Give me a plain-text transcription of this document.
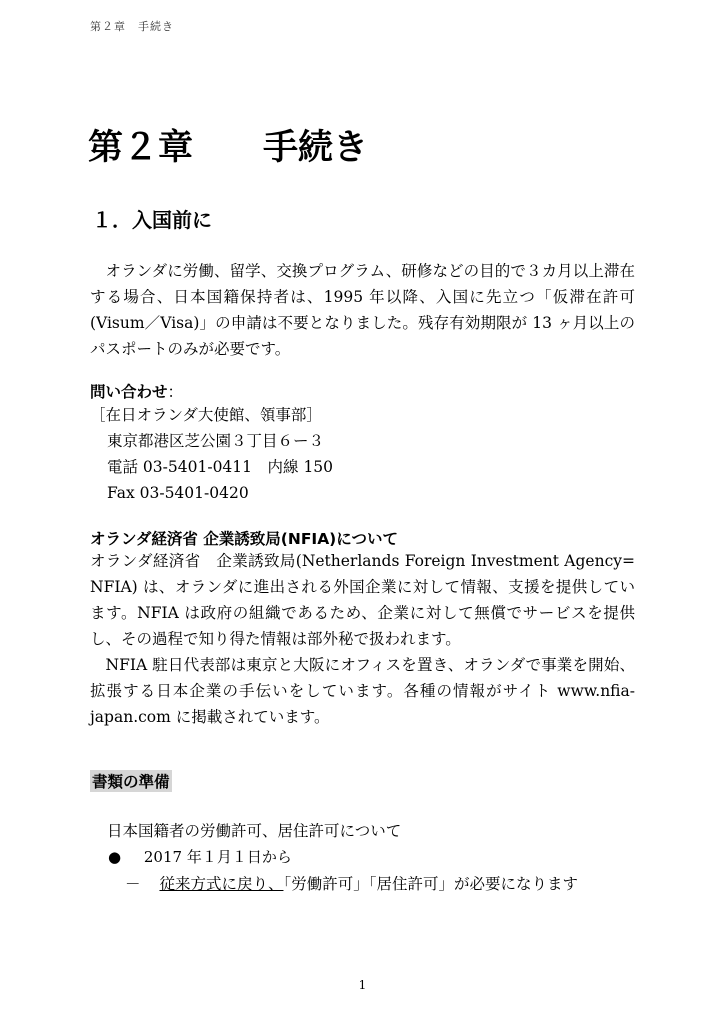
第２章　手続き
第２章　　手続き
１．入国前に

オランダに労働、留学、交換プログラム、研修などの目的で３カ月以上滞在する場合、日本国籍保持者は、1995 年以降、入国に先立つ「仮滞在許可(Visum／Visa)」の申請は不要となりました。残存有効期限が 13 ヶ月以上のパスポートのみが必要です。

問い合わせ：
［在日オランダ大使館、領事部］
東京都港区芝公園３丁目６ー３
電話 03-5401-0411　内線 150
Fax 03-5401-0420
オランダ経済省 企業誘致局(NFIA)について

オランダ経済省　企業誘致局(Netherlands Foreign Investment Agency= NFIA) は、オランダに進出される外国企業に対して情報、支援を提供しています。NFIA は政府の組織であるため、企業に対して無償でサービスを提供し、その過程で知り得た情報は部外秘で扱われます。

NFIA 駐日代表部は東京と大阪にオフィスを置き、オランダで事業を開始、拡張する日本企業の手伝いをしています。各種の情報がサイト www.nfia-japan.com に掲載されています。

書類の準備
日本国籍者の労働許可、居住許可について
● 2017 年１月１日から
－ 従来方式に戻り、「労働許可」「居住許可」が必要になります
1
